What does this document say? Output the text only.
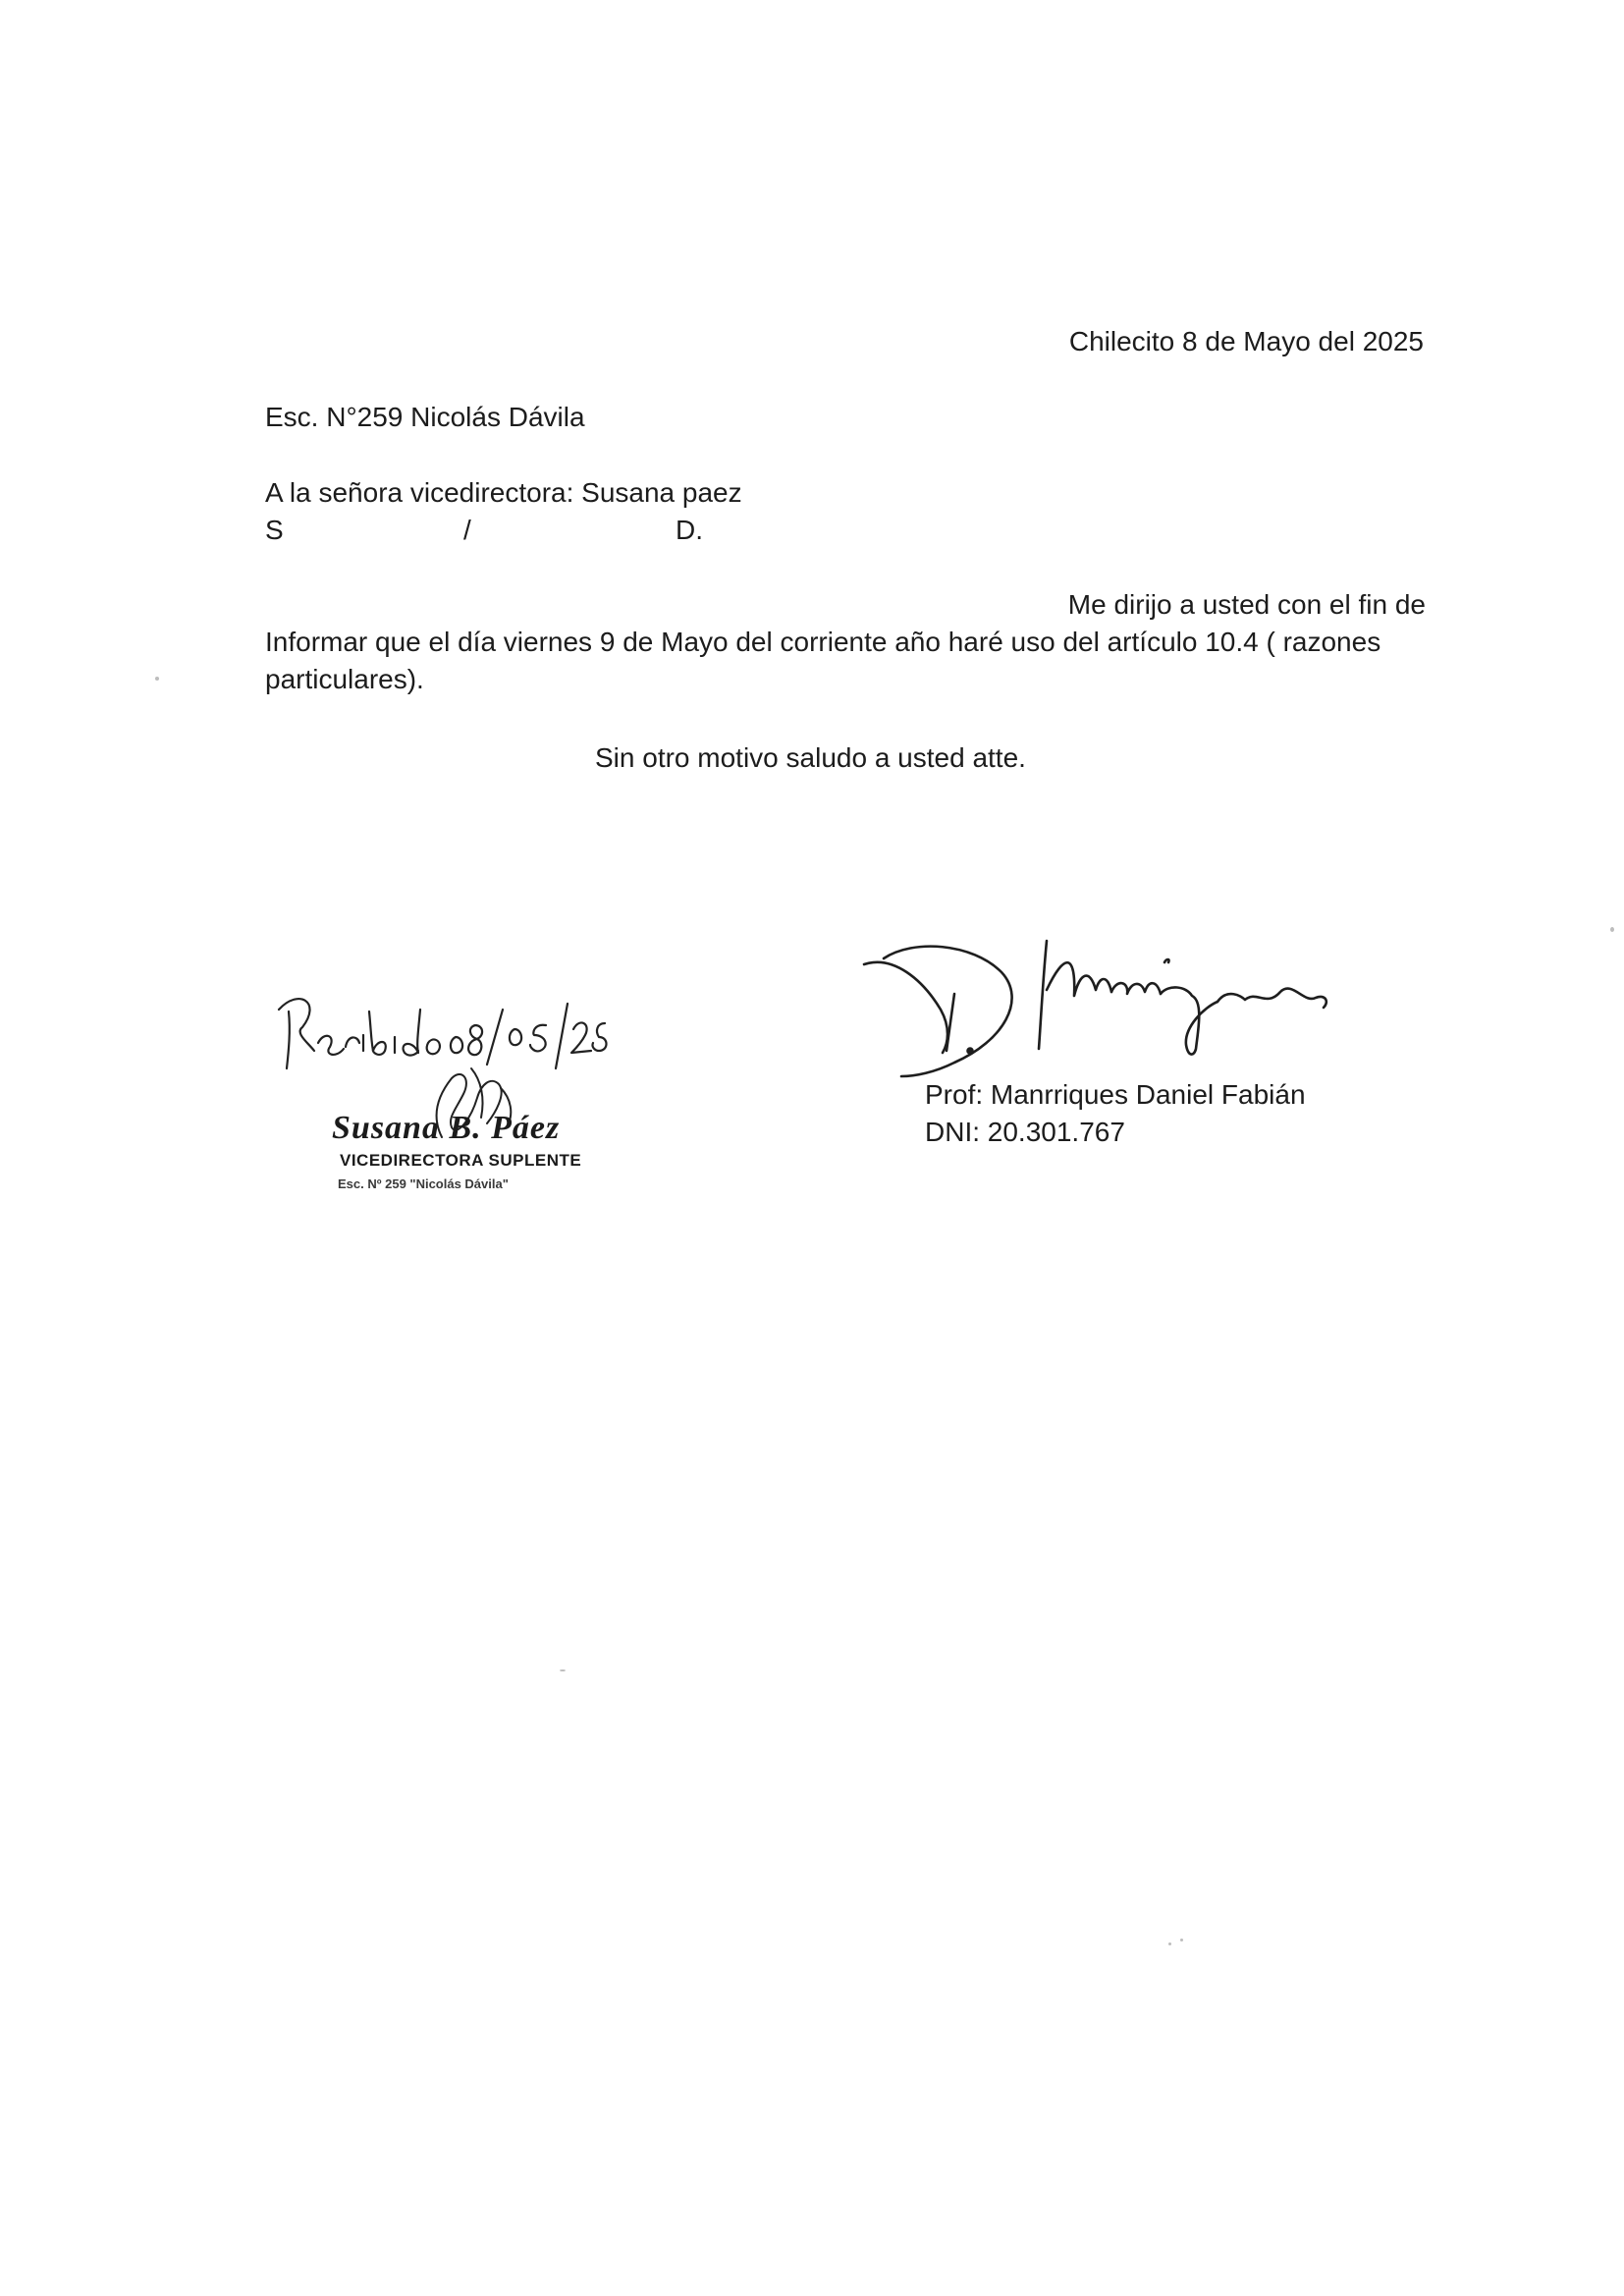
Chilecito 8 de Mayo del 2025
Esc. N°259 Nicolás Dávila
A la señora vicedirectora: Susana paez
S	/	D.
Me dirijo a usted con el fin de
Informar que el día viernes 9 de Mayo del corriente año haré uso del artículo 10.4 ( razones particulares).
Sin otro motivo saludo a usted atte.
Prof: Manrriques Daniel Fabián
DNI: 20.301.767
Susana B. Páez
VICEDIRECTORA SUPLENTE
Esc. Nº 259 "Nicolás Dávila"
